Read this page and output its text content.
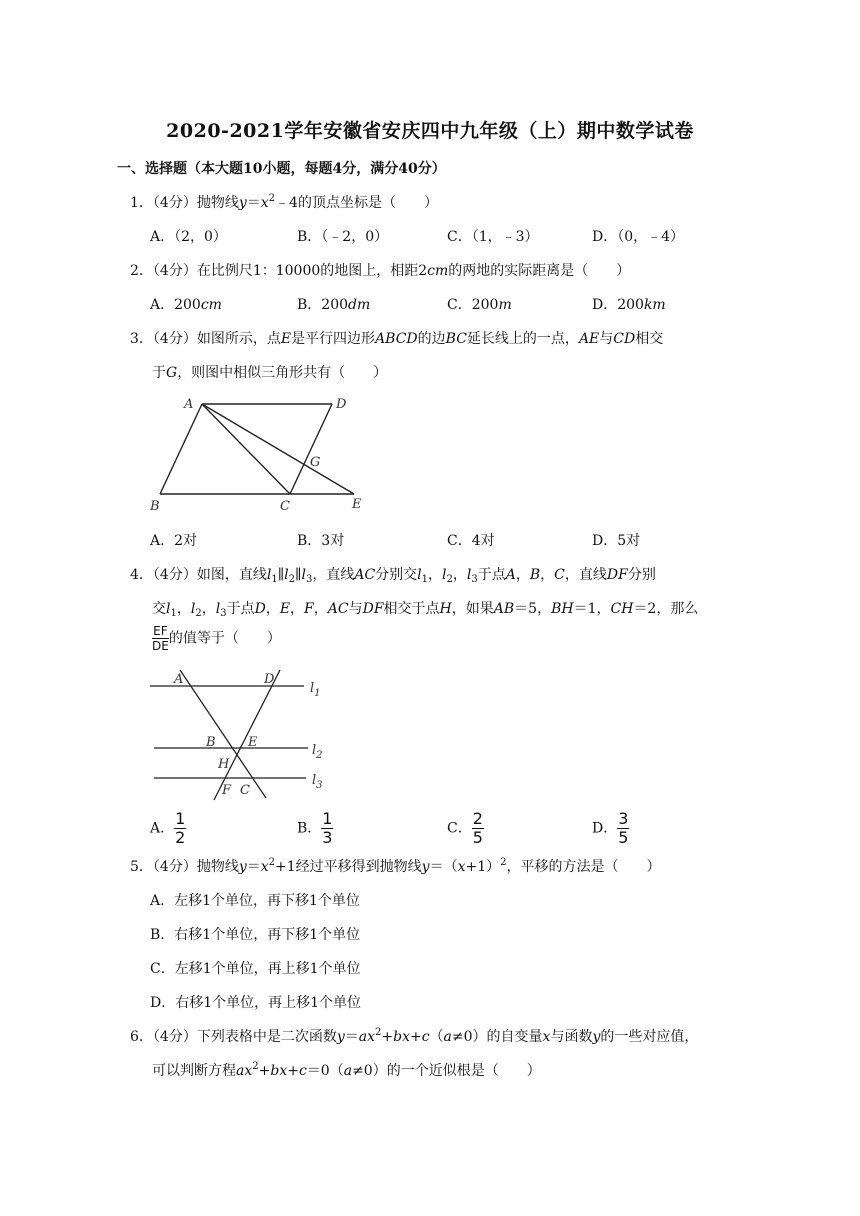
2020-2021学年安徽省安庆四中九年级（上）期中数学试卷
一、选择题（本大题10小题，每题4分，满分40分）
1．（4分）抛物线$y=x^2﹣4$的顶点坐标是（　　）
A．（2，0）	B．（﹣2，0）	C．（1，﹣3）	D．（0，﹣4）
2．（4分）在比例尺1：10000的地图上，相距2cm的两地的实际距离是（　　）
A．200cm	B．200dm	C．200m	D．200km
3．（4分）如图所示，点E是平行四边形ABCD的边BC延长线上的一点，AE与CD相交
于G，则图中相似三角形共有（　　）
A	D
G
B	C	E
A．2对	B．3对	C．4对	D．5对
4．（4分）如图，直线$l_1\parallel l_2\parallel l_3$，直线AC分别交$l_1$，$l_2$，$l_3$于点A，B，C，直线DF分别
交$l_1$，$l_2$，$l_3$于点D，E，F，AC与DF相交于点H，如果AB＝5，BH＝1，CH＝2，那么
$\frac{EF}{DE}$ 的值等于（　　）
A	D
$l_1$
B E
$l_2$
H
$l_3$
F C
A． $\frac{1}{2}$	B． $\frac{1}{3}$	C． $\frac{2}{5}$	D． $\frac{3}{5}$
5．（4分）抛物线$y=x^2+1$经过平移得到抛物线$y=(x+1)^2$，平移的方法是（　　）
A．左移1个单位，再下移1个单位
B．右移1个单位，再下移1个单位
C．左移1个单位，再上移1个单位
D．右移1个单位，再上移1个单位
6．（4分）下列表格中是二次函数$y=ax^2+bx+c(a\ne 0)$的自变量x与函数y的一些对应值，
可以判断方程$ax^2+bx+c=0(a\ne 0)$的一个近似根是（　　）
